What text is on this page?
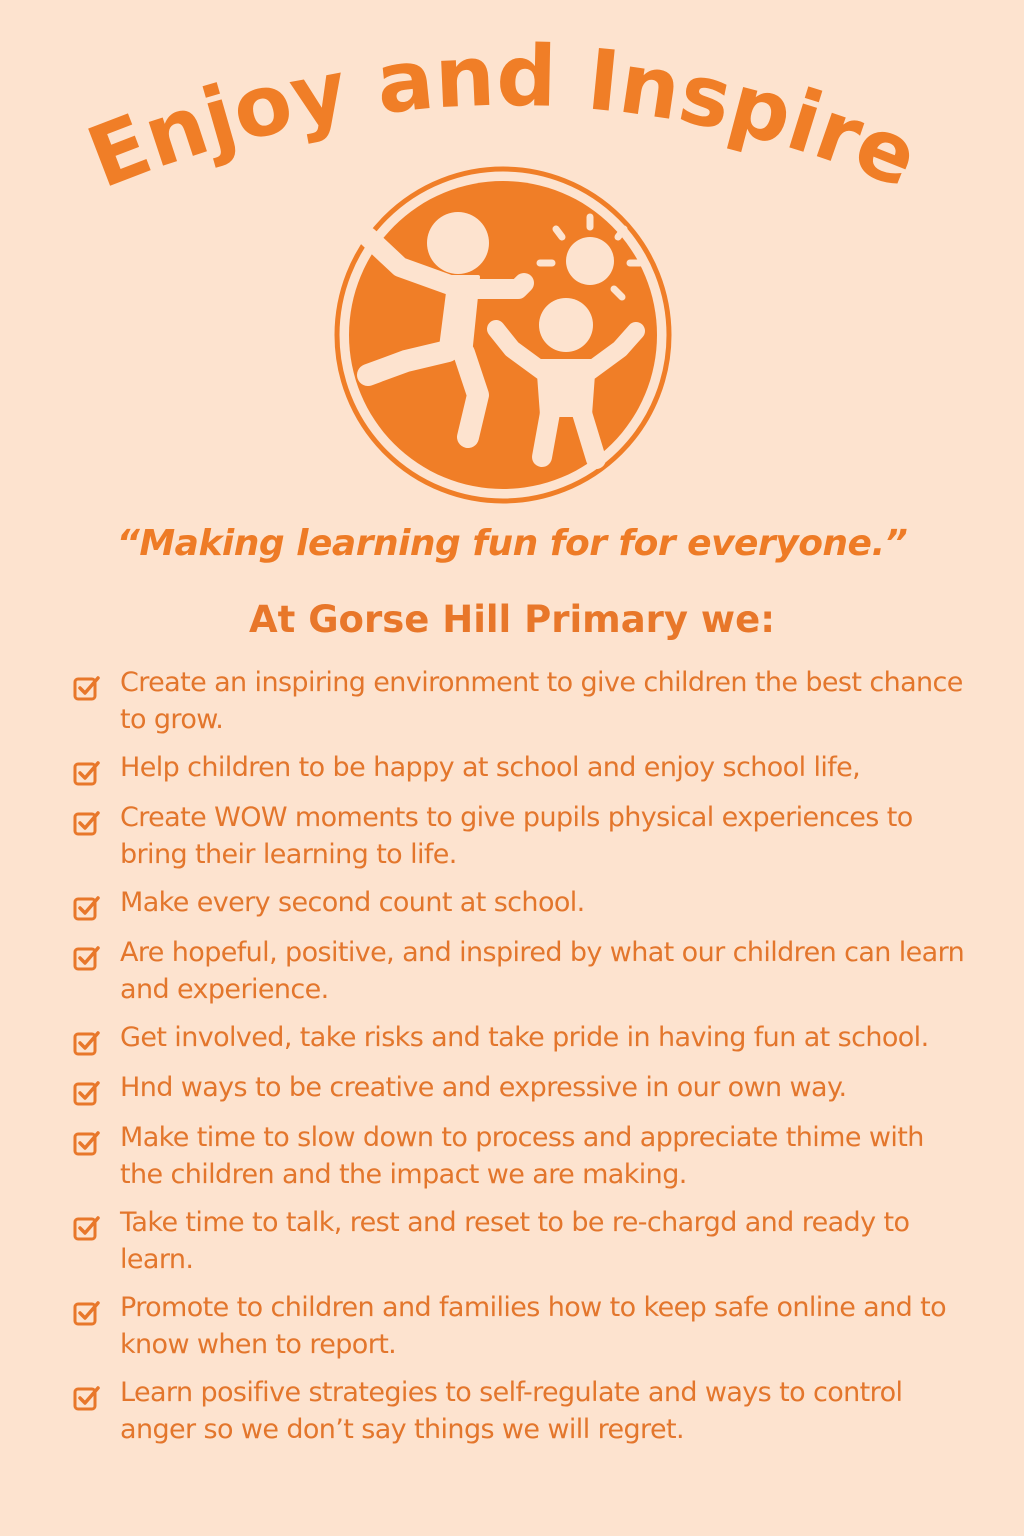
Enjoy and Inspire
“Making learning fun for for everyone.”
At Gorse Hill Primary we:
Create an inspiring environment to give children the best chance to grow.
Help children to be happy at school and enjoy school life,
Create WOW moments to give pupils physical experiences to bring their learning to life.
Make every second count at school.
Are hopeful, positive, and inspired by what our children can learn and experience.
Get involved, take risks and take pride in having fun at school.
Hnd ways to be creative and expressive in our own way.
Make time to slow down to process and appreciate thime with the children and the impact we are making.
Take time to talk, rest and reset to be re-chargd and ready to learn.
Promote to children and families how to keep safe online and to know when to report.
Learn posifive strategies to self-regulate and ways to control anger so we don’t say things we will regret.
